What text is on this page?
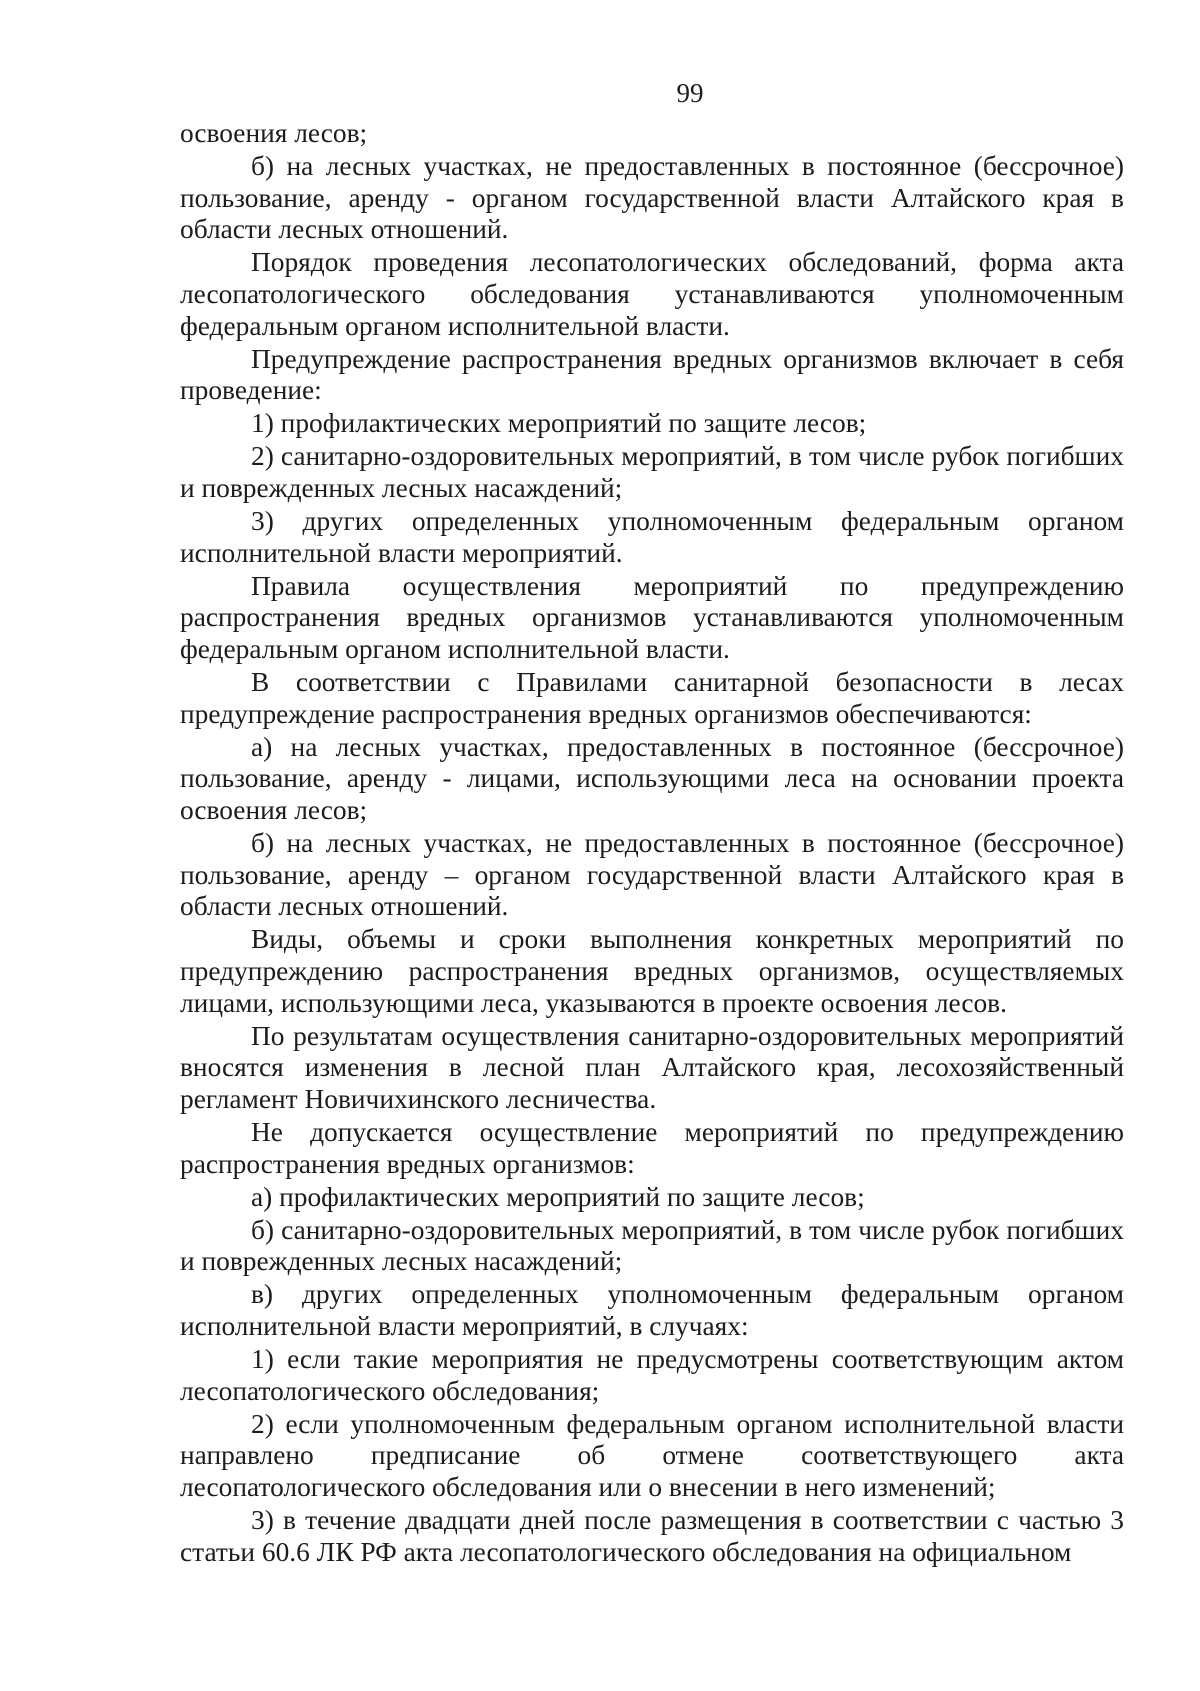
99

освоения лесов;

б) на лесных участках, не предоставленных в постоянное (бессрочное) пользование, аренду - органом государственной власти Алтайского края в области лесных отношений.

Порядок проведения лесопатологических обследований, форма акта лесопатологического обследования устанавливаются уполномоченным федеральным органом исполнительной власти.

Предупреждение распространения вредных организмов включает в себя проведение:

1) профилактических мероприятий по защите лесов;

2) санитарно-оздоровительных мероприятий, в том числе рубок погибших и поврежденных лесных насаждений;

3) других определенных уполномоченным федеральным органом исполнительной власти мероприятий.

Правила осуществления мероприятий по предупреждению распространения вредных организмов устанавливаются уполномоченным федеральным органом исполнительной власти.

В соответствии с Правилами санитарной безопасности в лесах предупреждение распространения вредных организмов обеспечиваются:

а) на лесных участках, предоставленных в постоянное (бессрочное) пользование, аренду - лицами, использующими леса на основании проекта освоения лесов;

б) на лесных участках, не предоставленных в постоянное (бессрочное) пользование, аренду – органом государственной власти Алтайского края в области лесных отношений.

Виды, объемы и сроки выполнения конкретных мероприятий по предупреждению распространения вредных организмов, осуществляемых лицами, использующими леса, указываются в проекте освоения лесов.

По результатам осуществления санитарно-оздоровительных мероприятий вносятся изменения в лесной план Алтайского края, лесохозяйственный регламент Новичихинского лесничества.

Не допускается осуществление мероприятий по предупреждению распространения вредных организмов:

а) профилактических мероприятий по защите лесов;

б) санитарно-оздоровительных мероприятий, в том числе рубок погибших и поврежденных лесных насаждений;

в) других определенных уполномоченным федеральным органом исполнительной власти мероприятий, в случаях:

1) если такие мероприятия не предусмотрены соответствующим актом лесопатологического обследования;

2) если уполномоченным федеральным органом исполнительной власти направлено предписание об отмене соответствующего акта лесопатологического обследования или о внесении в него изменений;

3) в течение двадцати дней после размещения в соответствии с частью 3 статьи 60.6 ЛК РФ акта лесопатологического обследования на официальном
